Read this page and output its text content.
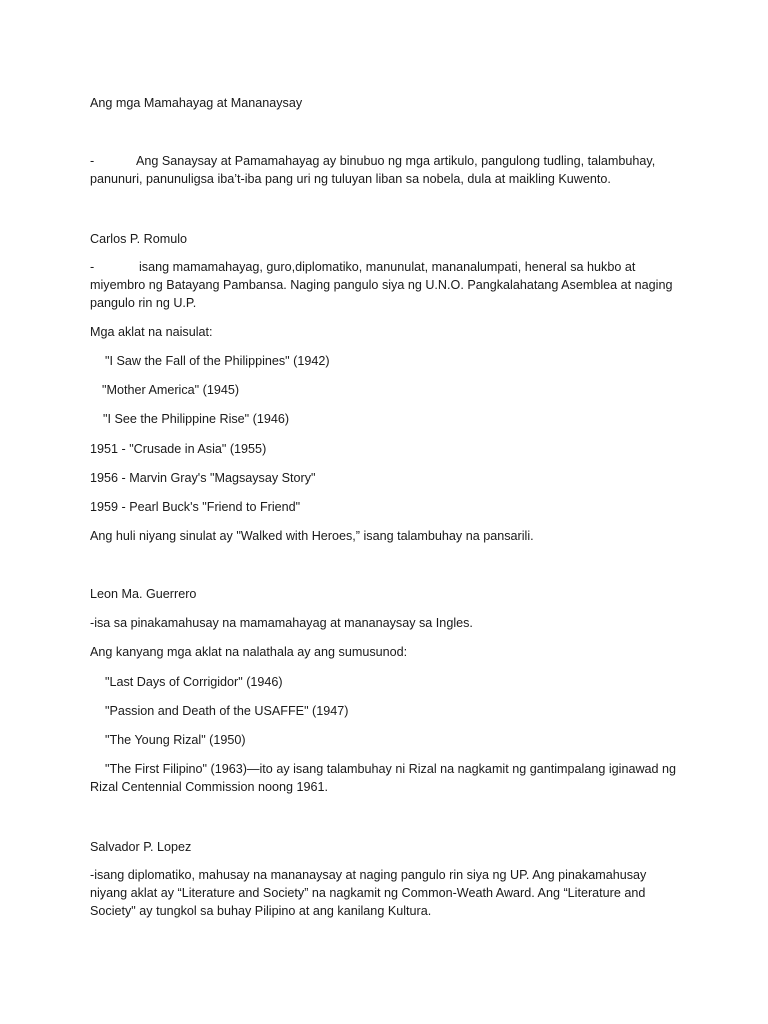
Ang mga Mamahayag at Mananaysay

-	Ang Sanaysay at Pamamahayag ay binubuo ng mga artikulo, pangulong tudling, talambuhay, panunuri, panunuligsa iba’t-iba pang uri ng tuluyan liban sa nobela, dula at maikling Kuwento.

Carlos P. Romulo

-	isang mamamahayag, guro,diplomatiko, manunulat, mananalumpati, heneral sa hukbo at miyembro ng Batayang Pambansa. Naging pangulo siya ng U.N.O. Pangkalahatang Asemblea at naging pangulo rin ng U.P.

Mga aklat na naisulat:

"I Saw the Fall of the Philippines" (1942)

"Mother America" (1945)

"I See the Philippine Rise" (1946)

1951 - "Crusade in Asia" (1955)

1956 - Marvin Gray's "Magsaysay Story"

1959 - Pearl Buck's "Friend to Friend"

Ang huli niyang sinulat ay "Walked with Heroes,” isang talambuhay na pansarili.

Leon Ma. Guerrero

-isa sa pinakamahusay na mamamahayag at mananaysay sa Ingles.

Ang kanyang mga aklat na nalathala ay ang sumusunod:

"Last Days of Corrigidor" (1946)

"Passion and Death of the USAFFE" (1947)

"The Young Rizal" (1950)

"The First Filipino" (1963)—ito ay isang talambuhay ni Rizal na nagkamit ng gantimpalang iginawad ng Rizal Centennial Commission noong 1961.

Salvador P. Lopez

-isang diplomatiko, mahusay na mananaysay at naging pangulo rin siya ng UP. Ang pinakamahusay niyang aklat ay “Literature and Society” na nagkamit ng Common-Weath Award. Ang “Literature and Society" ay tungkol sa buhay Pilipino at ang kanilang Kultura.
